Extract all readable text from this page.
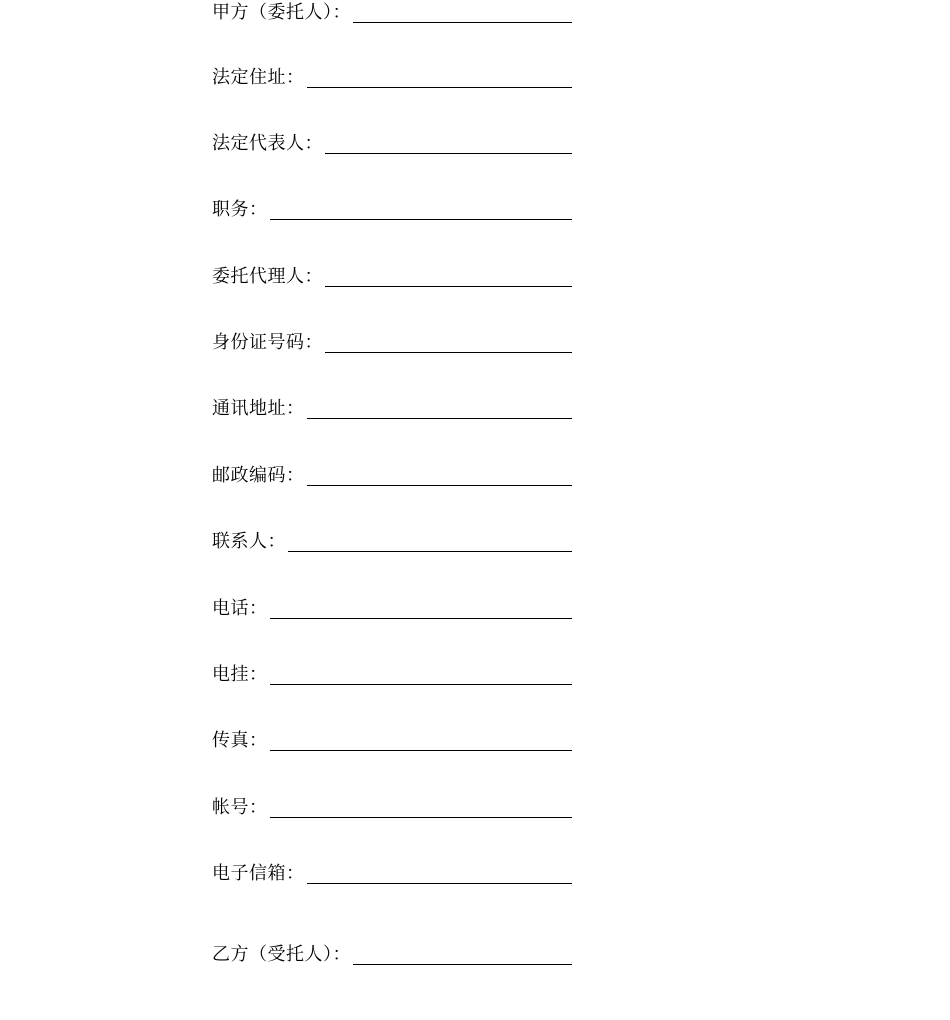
甲方（委托人）：
法定住址：
法定代表人：
职务：
委托代理人：
身份证号码：
通讯地址：
邮政编码：
联系人：
电话：
电挂：
传真：
帐号：
电子信箱：
乙方（受托人）：
